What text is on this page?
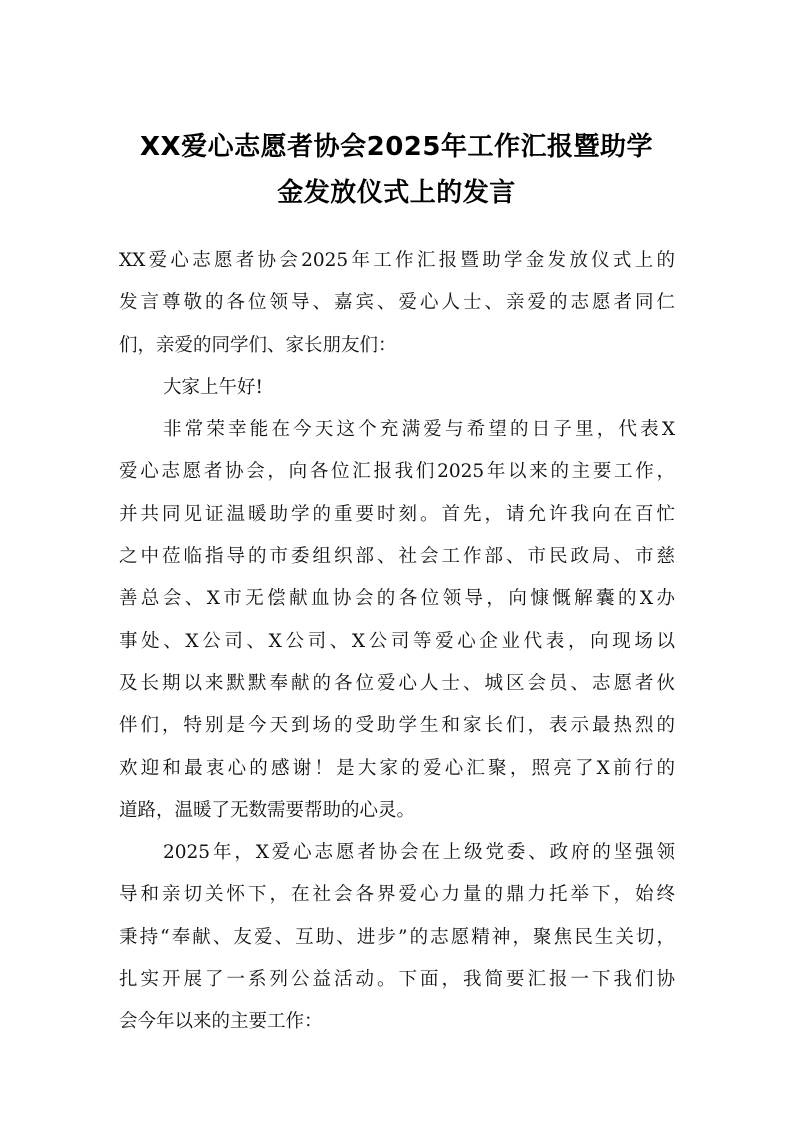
XX爱心志愿者协会2025年工作汇报暨助学
金发放仪式上的发言

XX爱心志愿者协会2025年工作汇报暨助学金发放仪式上的

发言尊敬的各位领导、嘉宾、爱心人士、亲爱的志愿者同仁

们，亲爱的同学们、家长朋友们：

大家上午好!

非常荣幸能在今天这个充满爱与希望的日子里，代表X

爱心志愿者协会，向各位汇报我们2025年以来的主要工作，

并共同见证温暖助学的重要时刻。首先，请允许我向在百忙

之中莅临指导的市委组织部、社会工作部、市民政局、市慈

善总会、X市无偿献血协会的各位领导，向慷慨解囊的X办

事处、X公司、X公司、X公司等爱心企业代表，向现场以

及长期以来默默奉献的各位爱心人士、城区会员、志愿者伙

伴们，特别是今天到场的受助学生和家长们，表示最热烈的

欢迎和最衷心的感谢！是大家的爱心汇聚，照亮了X前行的

道路，温暖了无数需要帮助的心灵。

2025年，X爱心志愿者协会在上级党委、政府的坚强领

导和亲切关怀下，在社会各界爱心力量的鼎力托举下，始终

秉持“奉献、友爱、互助、进步”的志愿精神，聚焦民生关切，

扎实开展了一系列公益活动。下面，我简要汇报一下我们协

会今年以来的主要工作：
